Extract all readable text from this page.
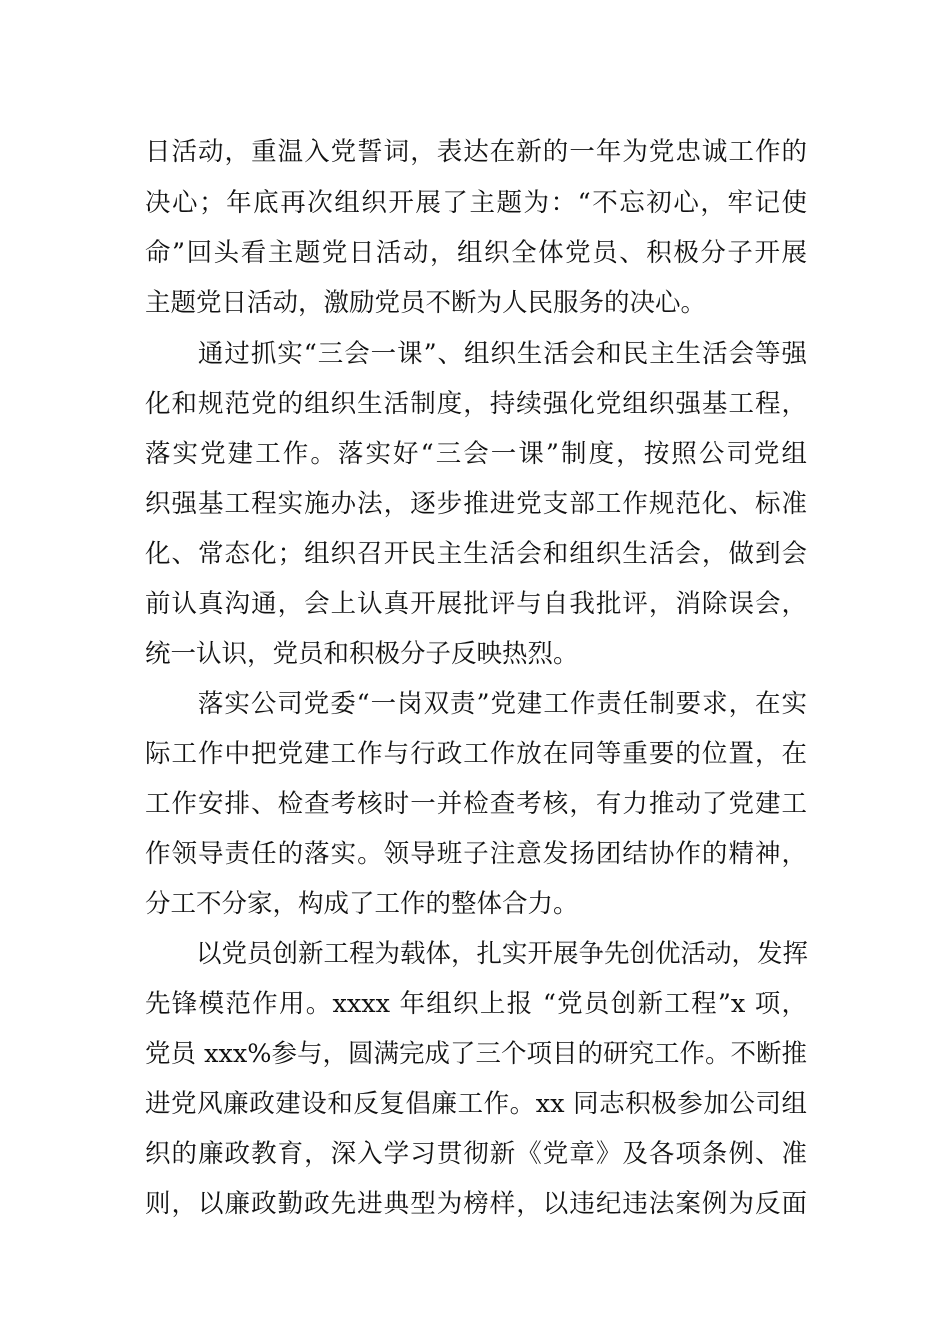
日活动，重温入党誓词，表达在新的一年为党忠诚工作的
决心；年底再次组织开展了主题为：“不忘初心，牢记使
命”回头看主题党日活动，组织全体党员、积极分子开展
主题党日活动，激励党员不断为人民服务的决心。
　　通过抓实“三会一课”、组织生活会和民主生活会等强
化和规范党的组织生活制度，持续强化党组织强基工程，
落实党建工作。落实好“三会一课”制度，按照公司党组
织强基工程实施办法，逐步推进党支部工作规范化、标准
化、常态化；组织召开民主生活会和组织生活会，做到会
前认真沟通，会上认真开展批评与自我批评，消除误会，
统一认识，党员和积极分子反映热烈。
　　落实公司党委“一岗双责”党建工作责任制要求，在实
际工作中把党建工作与行政工作放在同等重要的位置，在
工作安排、检查考核时一并检查考核，有力推动了党建工
作领导责任的落实。领导班子注意发扬团结协作的精神，
分工不分家，构成了工作的整体合力。
　　以党员创新工程为载体，扎实开展争先创优活动，发挥
先锋模范作用。xxxx 年组织上报 “党员创新工程”x 项，
党员 xxx%参与，圆满完成了三个项目的研究工作。不断推
进党风廉政建设和反复倡廉工作。xx 同志积极参加公司组
织的廉政教育，深入学习贯彻新《党章》及各项条例、准
则，以廉政勤政先进典型为榜样，以违纪违法案例为反面
